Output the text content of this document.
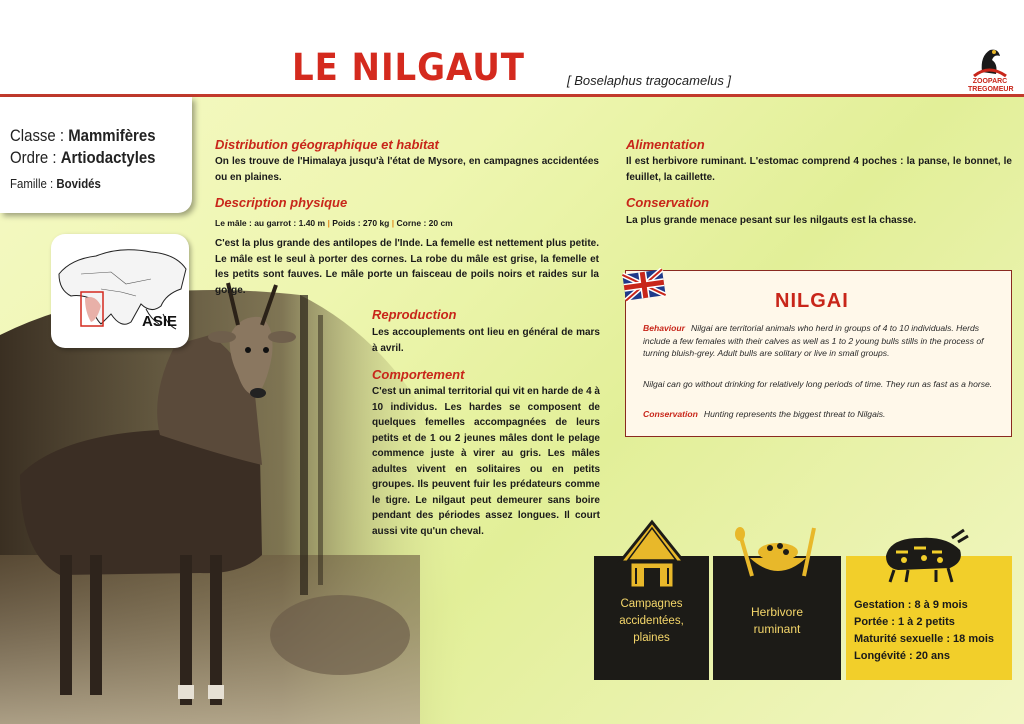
LE NILGAUT	[ Boselaphus tragocamelus ]	ZOOPARC
TREGOMEUR
Classe : Mammifères
Ordre : Artiodactyles
Famille : Bovidés
ASIE
Distribution géographique et habitat
On les trouve de l'Himalaya jusqu'à l'état de Mysore, en campagnes accidentées ou en plaines.
Description physique
Le mâle : au garrot : 1.40 m | Poids : 270 kg | Corne : 20 cm
C'est la plus grande des antilopes de l'Inde. La femelle est nettement plus petite. Le mâle est le seul à porter des cornes. La robe du mâle est grise, la femelle et les petits sont fauves. Le mâle porte un faisceau de poils noirs et raides sur la gorge.
Reproduction
Les accouplements ont lieu en général de mars à avril.
Comportement
C'est un animal territorial qui vit en harde de 4 à 10 individus. Les hardes se composent de quelques femelles accompagnées de leurs petits et de 1 ou 2 jeunes mâles dont le pelage commence juste à virer au gris. Les mâles adultes vivent en solitaires ou en petits groupes. Ils peuvent fuir les prédateurs comme le tigre. Le nilgaut peut demeurer sans boire pendant des périodes assez longues. Il court aussi vite qu'un cheval.
Alimentation
Il est herbivore ruminant. L'estomac comprend 4 poches : la panse, le bonnet, le feuillet, la caillette.
Conservation
La plus grande menace pesant sur les nilgauts est la chasse.
NILGAI
Behaviour Nilgai are territorial animals who herd in groups of 4 to 10 individuals. Herds include a few females with their calves as well as 1 to 2 young bulls stills in the process of turning bluish-grey. Adult bulls are solitary or live in small groups.
Nilgai can go without drinking for relatively long periods of time. They run as fast as a horse.
Conservation Hunting represents the biggest threat to Nilgais.
Campagnes
accidentées,
plaines
Herbivore
ruminant
Gestation : 8 à 9 mois
Portée : 1 à 2 petits
Maturité sexuelle : 18 mois
Longévité : 20 ans
